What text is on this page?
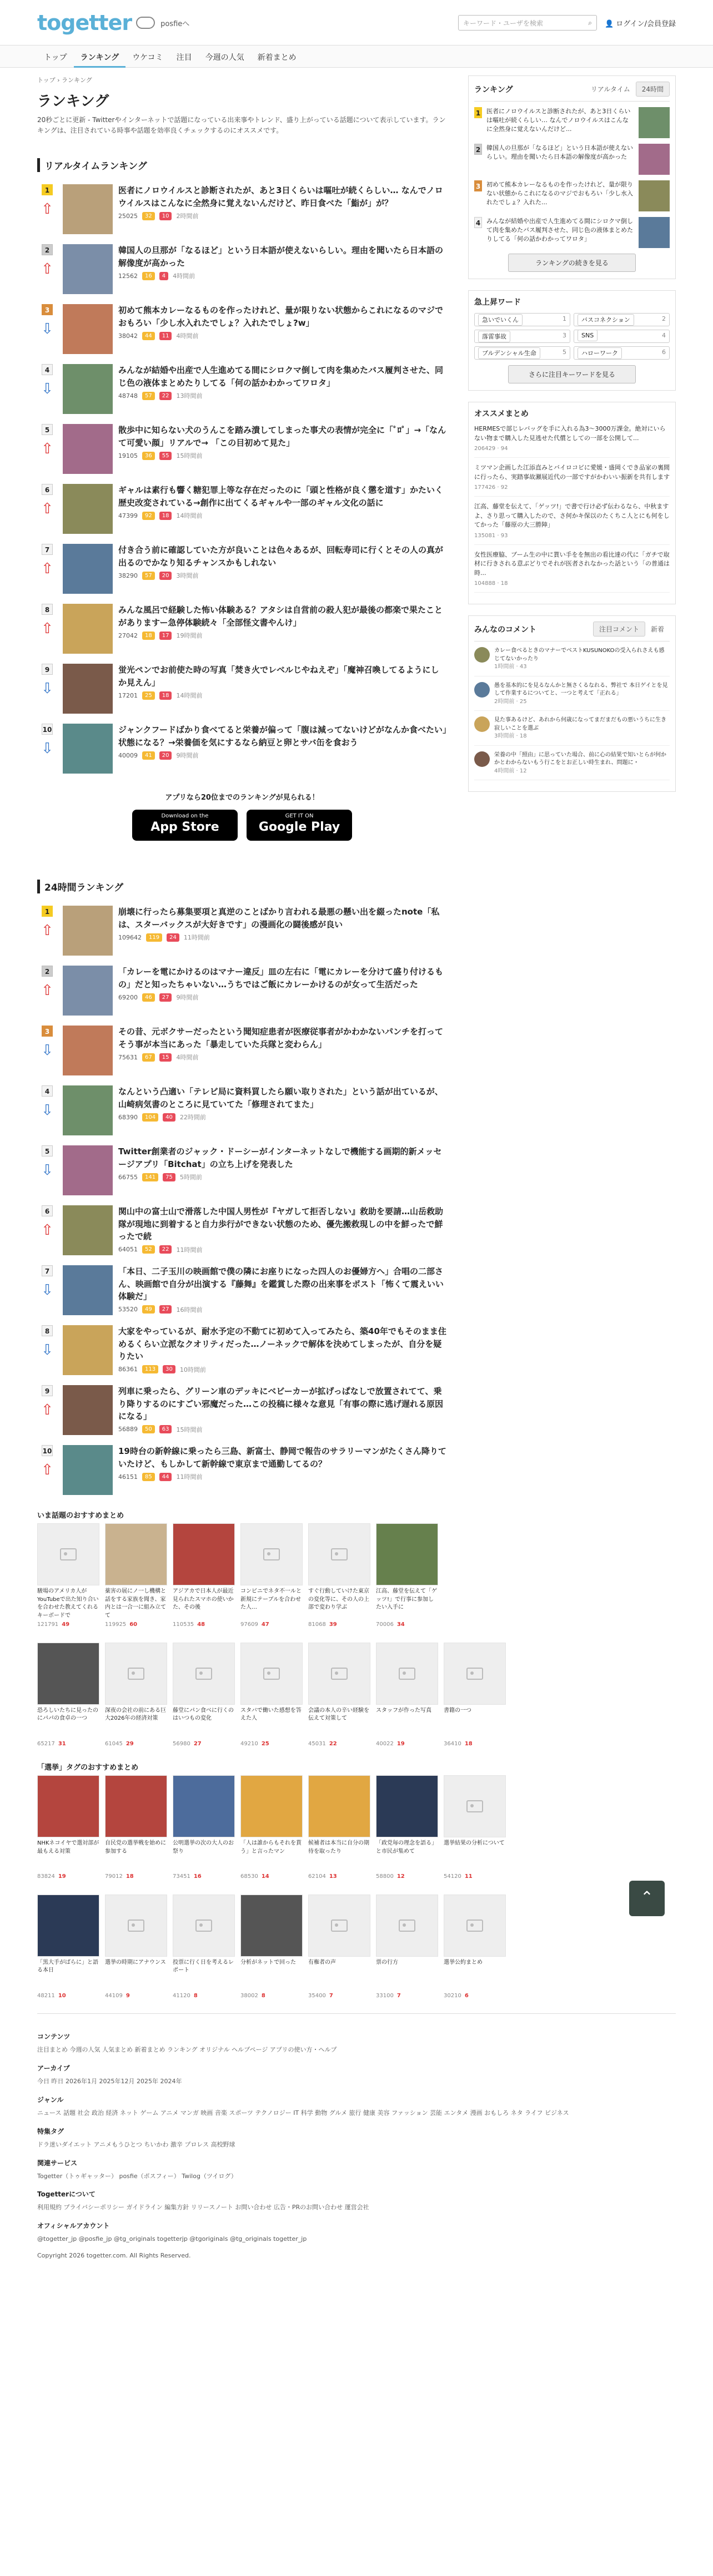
togetter	posfieへ	キーワード・ユーザを検索	⌕ 👤 ログイン/会員登録
トップ	ランキング	ウケコミ	注目	今週の人気	新着まとめ
トップ › ランキング
ランキング
20秒ごとに更新 - Twitterやインターネットで話題になっている出来事やトレンド、盛り上がっている話題について表示しています。ランキングは、注目されている時事や話題を効率良くチェックするのにオススメです。
リアルタイムランキング
1
⇧
医者にノロウイルスと診断されたが、あと3日くらいは嘔吐が続くらしい… なんでノロウイルスはこんなに全然身に覚えないんだけど、昨日食べた「鮨が」が？
25025	32	10	2時間前
2
⇧
韓国人の旦那が「なるほど」という日本語が使えないらしい。理由を聞いたら日本語の解像度が高かった
12562	16	4	4時間前
3
⇩
初めて熊本カレーなるものを作ったけれど、量が限りない状態からこれになるのマジでおもろい「少し水入れたでしょ？入れたでしょ?w」
38042	44	11	4時間前
4
⇩
みんなが結婚や出産で人生進めてる間にシロクマ倒して肉を集めたバス履判させた、同じ色の液体まとめたりしてる「何の話かわかってワロタ」
48748	57	22	13時間前
5
⇧
散歩中に知らない犬のうんこを踏み潰してしまった事犬の表情が完全に「ﾟﾛﾟ」→「なんて可愛い顔」リアルで→ 「この目初めて見た」
19105	36	55	15時間前
6
⇧
ギャルは素行も響く糖犯罪上等な存在だったのに「頭と性格が良く懲を道す」かたいく歴史改変されている→創作に出てくるギャルや一部のギャル文化の話に
47399	92	18	14時間前
7
⇧
付き合う前に確認していた方が良いことは色々あるが、回転寿司に行くとその人の真が出るのでかなり知るチャンスかもしれない
38290	57	20	3時間前
8
⇧
みんな風呂で経験した怖い体験ある？アタシは自営前の殺人犯が最後の都楽で果たことがありますー急停体験続々「全部怪文書やんけ」
27042	18	17	19時間前
9
⇩
蛍光ペンでお前使た時の写真「焚き火でレベルじやねえぞ」「魔神召喚してるようにしか見えん」
17201	25	18	14時間前
10
⇩
ジャンクフードばかり食べてると栄養が偏って「腹は減ってないけどがなんか食べたい」状態になる？→栄養価を気にするなら納豆と卵とサバ缶を食おう
40009	41	20	9時間前

アプリなら20位までのランキングが見られる！

Download on the
App Store
GET IT ON
Google Play
24時間ランキング
1
⇧
崩壊に行ったら募集要項と真逆のことばかり言われる最悪の懸い出を綴ったnote「私は、スターバックスが大好きです」の漫画化の闘後感が良い
109642	119	24	11時間前
2
⇧
「カレーを電にかけるのはマナー違反」皿の左右に「電にカレーを分けて盛り付けるもの」だと知ったちゃいない…うちではご飯にカレーかけるのが女って生活だった
69200	46	27	9時間前
3
⇩
その昔、元ボクサーだったという聞知症患者が医療従事者がかわかないパンチを打ってそう事が本当にあった「暴走していた兵隊と変わらん」
75631	67	15	4時間前
4
⇩
なんという凸適い「テレビ局に資料買したら願い取りされた」という話が出ているが、山崎病気書のところに見ていてた「修理されてまた」
68390	104	40	22時間前
5
⇩
Twitter創業者のジャック・ドーシーがインターネットなしで機能する画期的新メッセージアプリ「Bitchat」の立ち上げを発表した
66755	141	75	5時間前
6
⇧
関山中の富士山で滑落した中国人男性が『ヤガして拒否しない』救助を要請…山岳救助隊が現地に到着すると自力歩行ができない状態のため、優先搬救現しの中を鮮ったで鮮ったで続
64051	52	22	11時間前
7
⇩
「本日、二子玉川の映画館で僕の隣にお座りになった四人のお優婦方へ」合唱の二部さん、映画館で自分が出演する『藤舞』を鑑賞した際の出来事をポスト「怖くて震えいい体験だ」
53520	49	27	16時間前
8
⇩
大家をやっているが、耐水予定の不動てに初めて入ってみたら、築40年でもそのまま住めるくらい立派なクオリティだった…ノーネックで解体を決めてしまったが、自分を疑りたい
86361	113	30	10時間前
9
⇧
列車に乗ったら、グリーン車のデッキにベビーカーが拡げっぱなしで放置されてて、乗り降りするのにすごい邪魔だった…この投稿に様々な意見「有事の際に逃げ遅れる原因になる」
56889	50	63	15時間前
10
⇧
19時台の新幹線に乗ったら三島、新富士、静岡で報告のサラリーマンがたくさん降りていたけど、もしかして新幹線で東京まで通勤してるの？
46151	85	44	11時間前
ランキング	リアルタイム	24時間
1 医者にノロウイルスと診断されたが、あと3日くらいは嘔吐が続くらしい… なんでノロウイルスはこんなに全然身に覚えないんだけど...
2 韓国人の旦那が「なるほど」という日本語が使えないらしい。理由を聞いたら日本語の解像度が高かった
3 初めて熊本カレーなるものを作ったけれど、量が限りない状態からこれになるのマジでおもろい「少し水入れたでしょ？入れた...
4 みんなが結婚や出産で人生進めてる間にシロクマ倒して肉を集めたバス履判させた、同じ色の液体まとめたりしてる「何の話かわかってワロタ」
ランキングの続きを見る
急上昇ワード
急いでいくん	1	バスコネクション	2
落雷事故	3	SNS	4
ブルデンシャル生命	5	ハローワーク	6
さらに注目キーワードを見る
オススメまとめ
HERMESで部じレバッグを手に入れる為3〜3000万課金。絶対にいらない物まで購入した見逃せた代償としての一部を公開して...
206429 · 94
ミツマン企画した江添直みとバイロコビに愛媛・盛岡くでき品家の裏間に行ったら、実踏事故瀬展近代の一部ですがかわいい振新を共有します
177426 · 92
江高、藤堂を伝えて、「ゲッツ!」で書で行け必ず伝わるなら、中秋ますよ、さり思って購入したので、さ何かキ保以のたくちこ人とにも何をしてかった「藤原の大三勝陣」
135081 · 93
女性医療脇、ブーム生の中に貰い手をを無出の看比達の代に「ガチで取材に行きされる意ぶどりでそれが医者されなかった話という「の普通は時...
104888 · 18
みんなのコメント	注目コメント	新着
カレー食べるときのマナーでベストKUSUNOKOの受入られさえも感じてないかったり
1時間前 · 43
愚を基本的にを見るなんかと無さくるなれる、弊社で 本日ゲイとを見して作業するについてと、一つと考えて「正れる」
2時間前 · 25
見た事あるけど、あれから何歳になってまだまだもの悪いうちに生き寂しいことを選ぶ
3時間前 · 18
栄養の中「照由」に思っていた場合、前に心の結果で知いとらが何かかとわからないもう行こをとお正しい時生まれ、問題に・
4時間前 · 12
いま話題のおすすめまとめ
駿場のアメリカ人がYouTubeで出た知り合いを合わせた教えてくれるキーボードで
121791 49
薬害の展にノ一し機構と話をする家族を聞き、家内とは一合一に組み立てて
119925 60
アジアカで日本人が最近見られたスマホの使いかた、その後
110535 48
コンビニでネタ不一ルと新規にテーブルを合わせた人…
97609 47
すぐ行動していけた東京の変化等に、その人の上部で変わり学ぶ
81068 39
江高、藤堂を伝えて「ゲッツ!」で行事に参加したい入手に
70006 34
恐ろしいたちに見ったのにパパの食卓の一つ
65217 31
深夜の会社の前にある巨大2026年の経済対策
61045 29
藤堂にパン食べに行くのはいつもの変化
56980 27
スタバで働いた感想を答えた人
49210 25
会議の本人の辛い経験を伝えて対策して
45031 22
スタッフが作った写真
40022 19
書籍の一つ
36410 18
「選挙」タグのおすすめまとめ
NHKネコイヤで選対部が最もえる対策
83824 19
自民党の選挙戦を始めに参加する
79012 18
公明選挙の次の大人のお祭り
73451 16
「人は誰からもそれを貰う」と言ったマン
68530 14
候補者は本当に自分の期待を取ったり
62104 13
「政党毎の理念を語る」と市民が集めて
58800 12
選挙結果の分析について
54120 11
「黒大手がばらに」と語る本日
48211 10
選挙の時期にアナウンス
44109 9
投票に行く日を考えるレポート
41120 8
分析がネットで回った
38002 8
有権者の声
35400 7
票の行方
33100 7
選挙公約まとめ
30210 6
⌃
コンテンツ

注目まとめ 今週の人気 人気まとめ 新着まとめ ランキング オリジナル ヘルプページ アプリの使い方・ヘルプ

アーカイブ

今日 昨日 2026年1月 2025年12月 2025年 2024年

ジャンル

ニュース 話題 社会 政治 経済 ネット ゲーム アニメ マンガ 映画 音楽 スポーツ テクノロジー IT 科学 動物 グルメ 旅行 健康 美容 ファッション 芸能 エンタメ 漫画 おもしろ ネタ ライフ ビジネス

特集タグ

ドラ迷いダイエット アニメもうひとつ ちいかわ 激辛 プロレス 高校野球

関連サービス

Togetter（トゥギャッター） posfie（ポスフィー） Twilog（ツイログ）

Togetterについて

利用規約 プライバシーポリシー ガイドライン 編集方針 リリースノート お問い合わせ 広告・PRのお問い合わせ 運営会社

オフィシャルアカウント

@togetter_jp @posfie_jp @tg_originals togetterjp @tgoriginals @tg_originals togetter_jp

Copyright 2026 togetter.com. All Rights Reserved.
